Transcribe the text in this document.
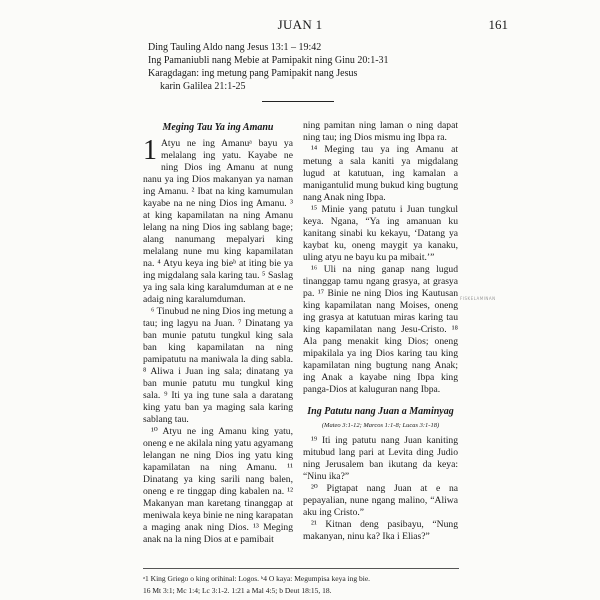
JUAN 1	161
Ding Tauling Aldo nang Jesus 13:1 – 19:42
Ing Pamaniubli nang Mebie at Pamipakit ning Ginu 20:1-31
Karagdagan: ing metung pang Pamipakit nang Jesus
karin Galilea 21:1-25
Meging Tau Ya ing Amanu

1 Atyu ne ing Amanuᵃ bayu ya melalang ing yatu. Kayabe ne ning Dios ing Amanu at nung nanu ya ing Dios makanyan ya naman ing Amanu. ² Ibat na king kamumulan kayabe na ne ning Dios ing Amanu. ³ at king kapamilatan na ning Amanu lelang na ning Dios ing sablang bage; alang nanumang mepalyari king melalang nune mu king kapamilatan na. ⁴ Atyu keya ing bieᵇ at iting bie ya ing migdalang sala karing tau. ⁵ Saslag ya ing sala king karalumduman at e ne adaig ning karalumduman.

⁶ Tinubud ne ning Dios ing metung a tau; ing lagyu na Juan. ⁷ Dinatang ya ban munie patutu tungkul king sala ban king kapamilatan na ning pamipatutu na maniwala la ding sabla. ⁸ Aliwa i Juan ing sala; dinatang ya ban munie patutu mu tungkul king sala. ⁹ Iti ya ing tune sala a daratang king yatu ban ya maging sala karing sablang tau.

¹⁰ Atyu ne ing Amanu king yatu, oneng e ne akilala ning yatu agyamang lelangan ne ning Dios ing yatu king kapamilatan na ning Amanu. ¹¹ Dinatang ya king sarili nang balen, oneng e re tinggap ding kabalen na. ¹² Makanyan man karetang tinanggap at meniwala keya binie ne ning karapatan a maging anak ning Dios. ¹³ Meging anak na la ning Dios at e pamibait

ning pamitan ning laman o ning dapat ning tau; ing Dios mismu ing Ibpa ra.

¹⁴ Meging tau ya ing Amanu at metung a sala kaniti ya migdalang lugud at katutuan, ing kamalan a manigantulid mung bukud king bugtung nang Anak ning Ibpa.

¹⁵ Minie yang patutu i Juan tungkul keya. Ngana, “Ya ing amanuan ku kanitang sinabi ku kekayu, ‘Datang ya kaybat ku, oneng maygit ya kanaku, uling atyu ne bayu ku pa mibait.’”

¹⁶ Uli na ning ganap nang lugud tinanggap tamu ngang grasya, at grasya pa. ¹⁷ Binie ne ning Dios ing Kautusan king kapamilatan nang Moises, oneng ing grasya at katutuan miras karing tau king kapamilatan nang Jesu-Cristo. ¹⁸ Ala pang menakit king Dios; oneng mipakilala ya ing Dios karing tau king kapamilatan ning bugtung nang Anak; ing Anak a kayabe ning Ibpa king panga-Dios at kaluguran nang Ibpa.

Ing Patutu nang Juan a Maminyag
(Mateo 3:1-12; Marcos 1:1-8; Lucas 3:1-18)

¹⁹ Iti ing patutu nang Juan kaniting mitubud lang pari at Levita ding Judio ning Jerusalem ban ikutang da keya: “Ninu ika?”

²⁰ Pigtapat nang Juan at e na pepayalian, nune ngang malino, “Aliwa aku ing Cristo.”

²¹ Kitnan deng pasibayu, “Nung makanyan, ninu ka? Ika i Elias?”

FISKELAMINAN
ᵃ1 King Griego o king orihinal: Logos. ᵇ4 O kaya: Megumpisa keya ing bie.
16 Mt 3:1; Mc 1:4; Lc 3:1-2. 1:21 a Mal 4:5; b Deut 18:15, 18.
